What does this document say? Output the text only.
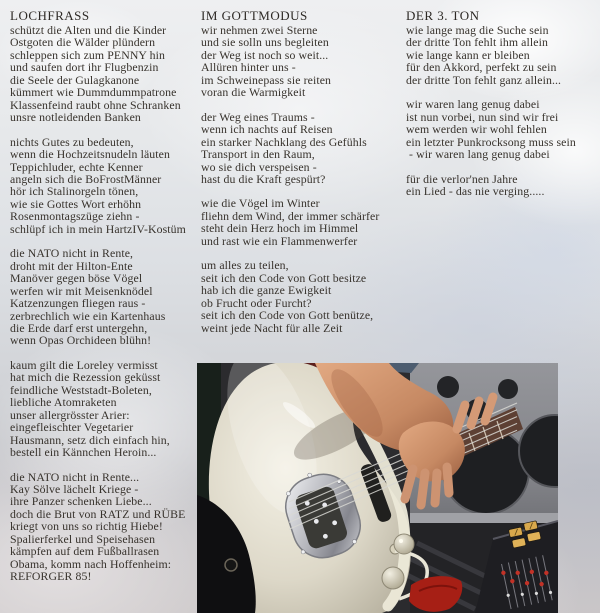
LOCHFRASS

schützt die Alten und die Kinder
Ostgoten die Wälder plündern
schleppen sich zum PENNY hin
und saufen dort ihr Flugbenzin
die Seele der Gulagkanone
kümmert wie Dummdummpatrone
Klassenfeind raubt ohne Schranken
unsre notleidenden Banken

nichts Gutes zu bedeuten,
wenn die Hochzeitsnudeln läuten
Teppichluder, echte Kenner
angeln sich die BoFrostMänner
hör ich Stalinorgeln tönen,
wie sie Gottes Wort erhöhn
Rosenmontagszüge ziehn -
schlüpf ich in mein HartzIV-Kostüm

die NATO nicht in Rente,
droht mit der Hilton-Ente
Manöver gegen böse Vögel
werfen wir mit Meisenknödel
Katzenzungen fliegen raus -
zerbrechlich wie ein Kartenhaus
die Erde darf erst untergehn,
wenn Opas Orchideen blühn!

kaum gilt die Loreley vermisst
hat mich die Rezession geküsst
feindliche Weststadt-Boleten,
liebliche Atomraketen
unser allergrösster Arier:
eingefleischter Vegetarier
Hausmann, setz dich einfach hin,
bestell ein Kännchen Heroin...

die NATO nicht in Rente...
Kay Sölve lächelt Kriege -
ihre Panzer schenken Liebe...
doch die Brut von RATZ und RÜBE
kriegt von uns so richtig Hiebe!
Spalierferkel und Speisehasen
kämpfen auf dem Fußballrasen
Obama, komm nach Hoffenheim:
REFORGER 85!

IM GOTTMODUS

wir nehmen zwei Sterne
und sie solln uns begleiten
der Weg ist noch so weit...
Allüren hinter uns -
im Schweinepass sie reiten
voran die Warmigkeit

der Weg eines Traums -
wenn ich nachts auf Reisen
ein starker Nachklang des Gefühls
Transport in den Raum,
wo sie dich verspeisen -
hast du die Kraft gespürt?

wie die Vögel im Winter
fliehn dem Wind, der immer schärfer
steht dein Herz hoch im Himmel
und rast wie ein Flammenwerfer

um alles zu teilen,
seit ich den Code von Gott besitze
hab ich die ganze Ewigkeit
ob Frucht oder Furcht?
seit ich den Code von Gott benütze,
weint jede Nacht für alle Zeit

DER 3. TON

wie lange mag die Suche sein
der dritte Ton fehlt ihm allein
wie lange kann er bleiben
für den Akkord, perfekt zu sein
der dritte Ton fehlt ganz allein...

wir waren lang genug dabei
ist nun vorbei, nun sind wir frei
wem werden wir wohl fehlen
ein letzter Punkrocksong muss sein
- wir waren lang genug dabei

für die verlor'nen Jahre
ein Lied - das nie verging.....
